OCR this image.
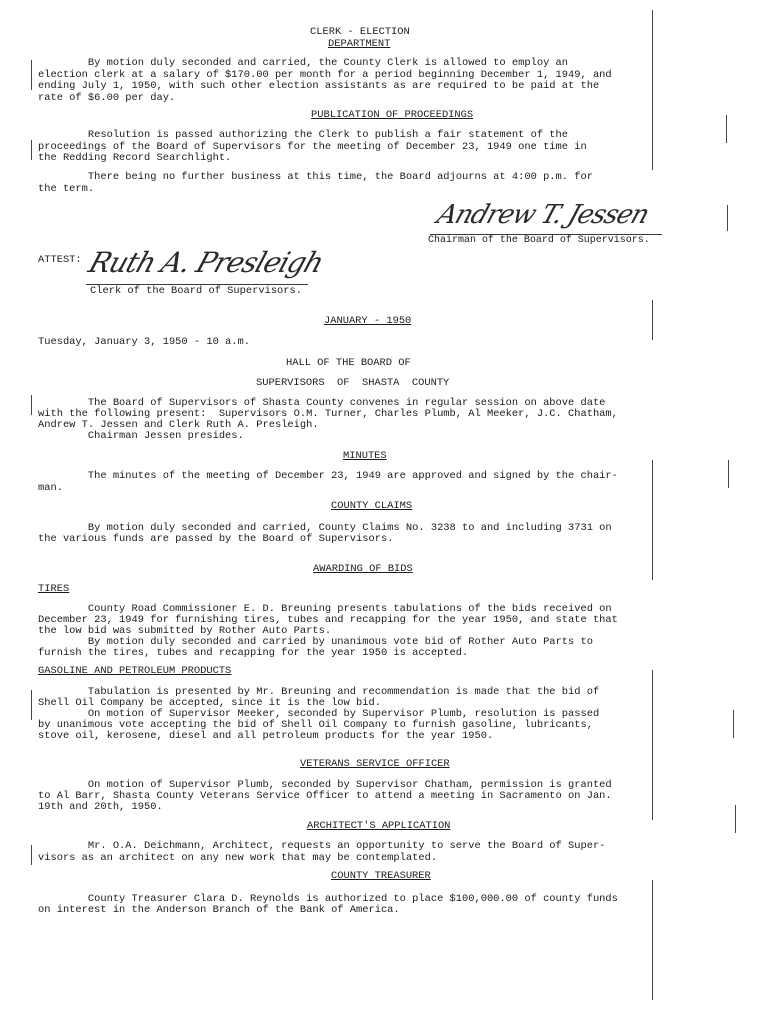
CLERK - ELECTION
DEPARTMENT
By motion duly seconded and carried, the County Clerk is allowed to employ an
election clerk at a salary of $170.00 per month for a period beginning December 1, 1949, and
ending July 1, 1950, with such other election assistants as are required to be paid at the
rate of $6.00 per day.
PUBLICATION OF PROCEEDINGS
Resolution is passed authorizing the Clerk to publish a fair statement of the
proceedings of the Board of Supervisors for the meeting of December 23, 1949 one time in
the Redding Record Searchlight.
There being no further business at this time, the Board adjourns at 4:00 p.m. for
the term.
Andrew T. Jessen
Chairman of the Board of Supervisors.
ATTEST: Ruth A. Presleigh
Clerk of the Board of Supervisors.
JANUARY - 1950
Tuesday, January 3, 1950 - 10 a.m.
HALL OF THE BOARD OF
SUPERVISORS  OF  SHASTA  COUNTY
The Board of Supervisors of Shasta County convenes in regular session on above date
with the following present:  Supervisors O.M. Turner, Charles Plumb, Al Meeker, J.C. Chatham,
Andrew T. Jessen and Clerk Ruth A. Presleigh.
Chairman Jessen presides.
MINUTES
The minutes of the meeting of December 23, 1949 are approved and signed by the chair-
man.
COUNTY CLAIMS
By motion duly seconded and carried, County Claims No. 3238 to and including 3731 on
the various funds are passed by the Board of Supervisors.
AWARDING OF BIDS
TIRES
County Road Commissioner E. D. Breuning presents tabulations of the bids received on
December 23, 1949 for furnishing tires, tubes and recapping for the year 1950, and state that
the low bid was submitted by Rother Auto Parts.
By motion duly seconded and carried by unanimous vote bid of Rother Auto Parts to
furnish the tires, tubes and recapping for the year 1950 is accepted.
GASOLINE AND PETROLEUM PRODUCTS
Tabulation is presented by Mr. Breuning and recommendation is made that the bid of
Shell Oil Company be accepted, since it is the low bid.
On motion of Supervisor Meeker, seconded by Supervisor Plumb, resolution is passed
by unanimous vote accepting the bid of Shell Oil Company to furnish gasoline, lubricants,
stove oil, kerosene, diesel and all petroleum products for the year 1950.
VETERANS SERVICE OFFICER
On motion of Supervisor Plumb, seconded by Supervisor Chatham, permission is granted
to Al Barr, Shasta County Veterans Service Officer to attend a meeting in Sacramento on Jan.
19th and 20th, 1950.
ARCHITECT'S APPLICATION
Mr. O.A. Deichmann, Architect, requests an opportunity to serve the Board of Super-
visors as an architect on any new work that may be contemplated.
COUNTY TREASURER
County Treasurer Clara D. Reynolds is authorized to place $100,000.00 of county funds
on interest in the Anderson Branch of the Bank of America.
